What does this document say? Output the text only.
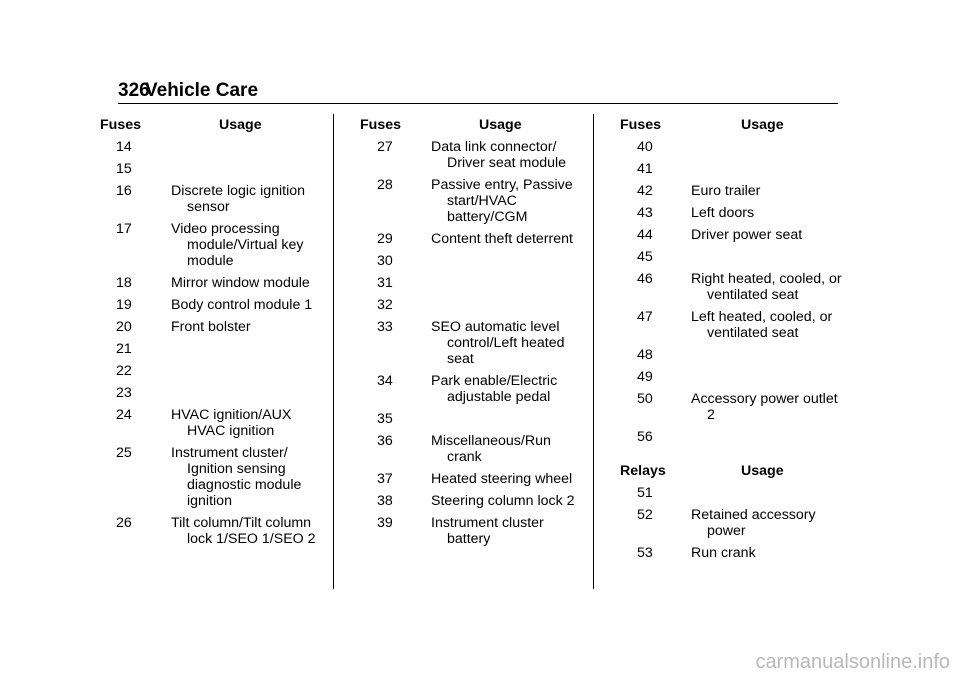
326
Vehicle Care
Fuses	Usage
14
15
16	Discrete logic ignition sensor
17	Video processing module/Virtual key module
18	Mirror window module
19	Body control module 1
20	Front bolster
21
22
23
24	HVAC ignition/AUX HVAC ignition
25	Instrument cluster/ Ignition sensing diagnostic module ignition
26	Tilt column/Tilt column lock 1/SEO 1/SEO 2
Fuses	Usage
27	Data link connector/ Driver seat module
28	Passive entry, Passive start/HVAC battery/CGM
29	Content theft deterrent
30
31
32
33	SEO automatic level control/Left heated seat
34	Park enable/Electric adjustable pedal
35
36	Miscellaneous/Run crank
37	Heated steering wheel
38	Steering column lock 2
39	Instrument cluster battery
Fuses	Usage
40
41
42	Euro trailer
43	Left doors
44	Driver power seat
45
46	Right heated, cooled, or ventilated seat
47	Left heated, cooled, or ventilated seat
48
49
50	Accessory power outlet 2
56
Relays	Usage
51
52	Retained accessory power
53	Run crank
carmanualsonline.info
